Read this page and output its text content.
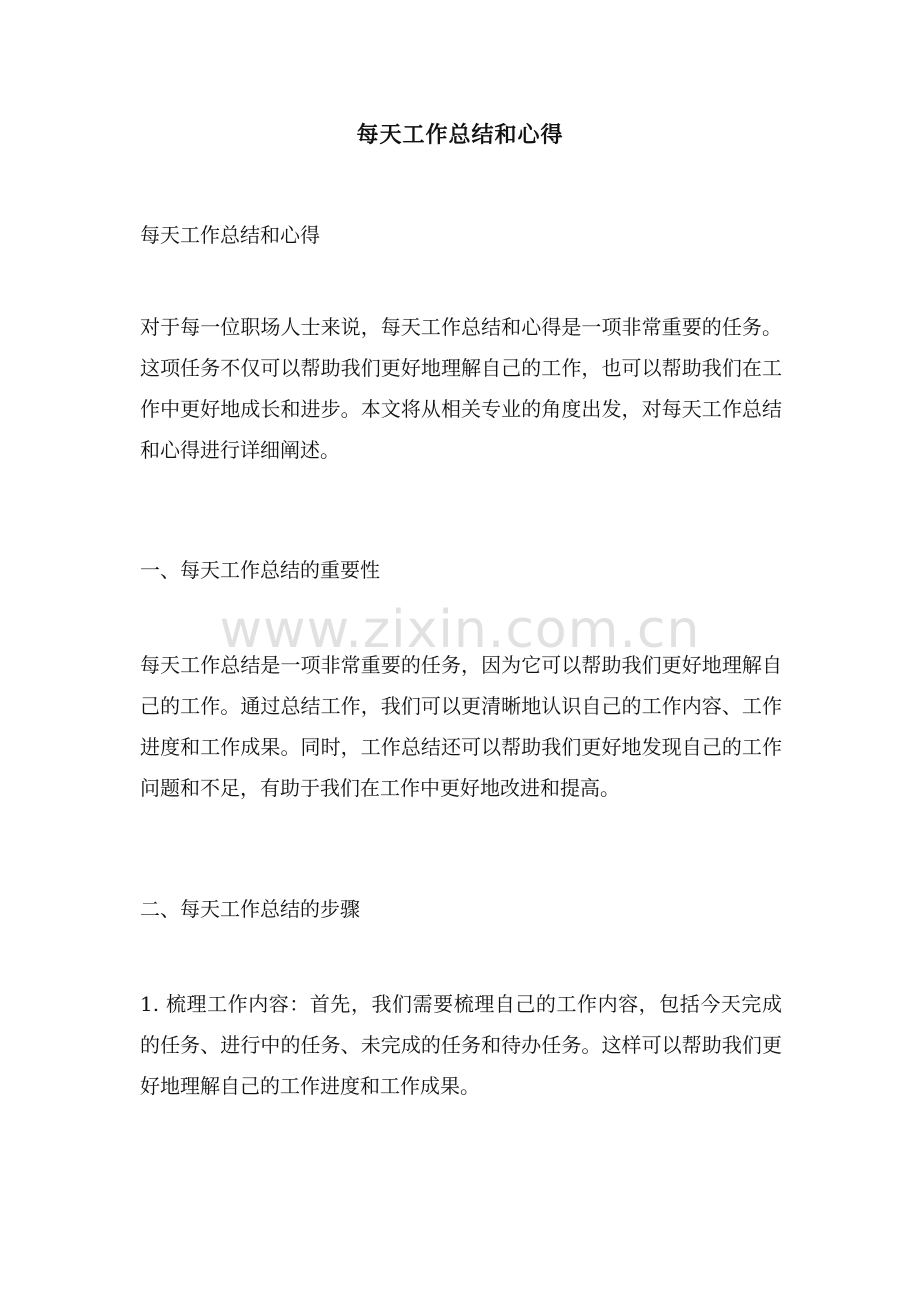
每天工作总结和心得

每天工作总结和心得

对于每一位职场人士来说，每天工作总结和心得是一项非常重要的任务。这项任务不仅可以帮助我们更好地理解自己的工作，也可以帮助我们在工作中更好地成长和进步。本文将从相关专业的角度出发，对每天工作总结和心得进行详细阐述。

一、每天工作总结的重要性

每天工作总结是一项非常重要的任务，因为它可以帮助我们更好地理解自己的工作。通过总结工作，我们可以更清晰地认识自己的工作内容、工作进度和工作成果。同时，工作总结还可以帮助我们更好地发现自己的工作问题和不足，有助于我们在工作中更好地改进和提高。

二、每天工作总结的步骤

1. 梳理工作内容：首先，我们需要梳理自己的工作内容，包括今天完成的任务、进行中的任务、未完成的任务和待办任务。这样可以帮助我们更好地理解自己的工作进度和工作成果。

www.zixin.com.cn
